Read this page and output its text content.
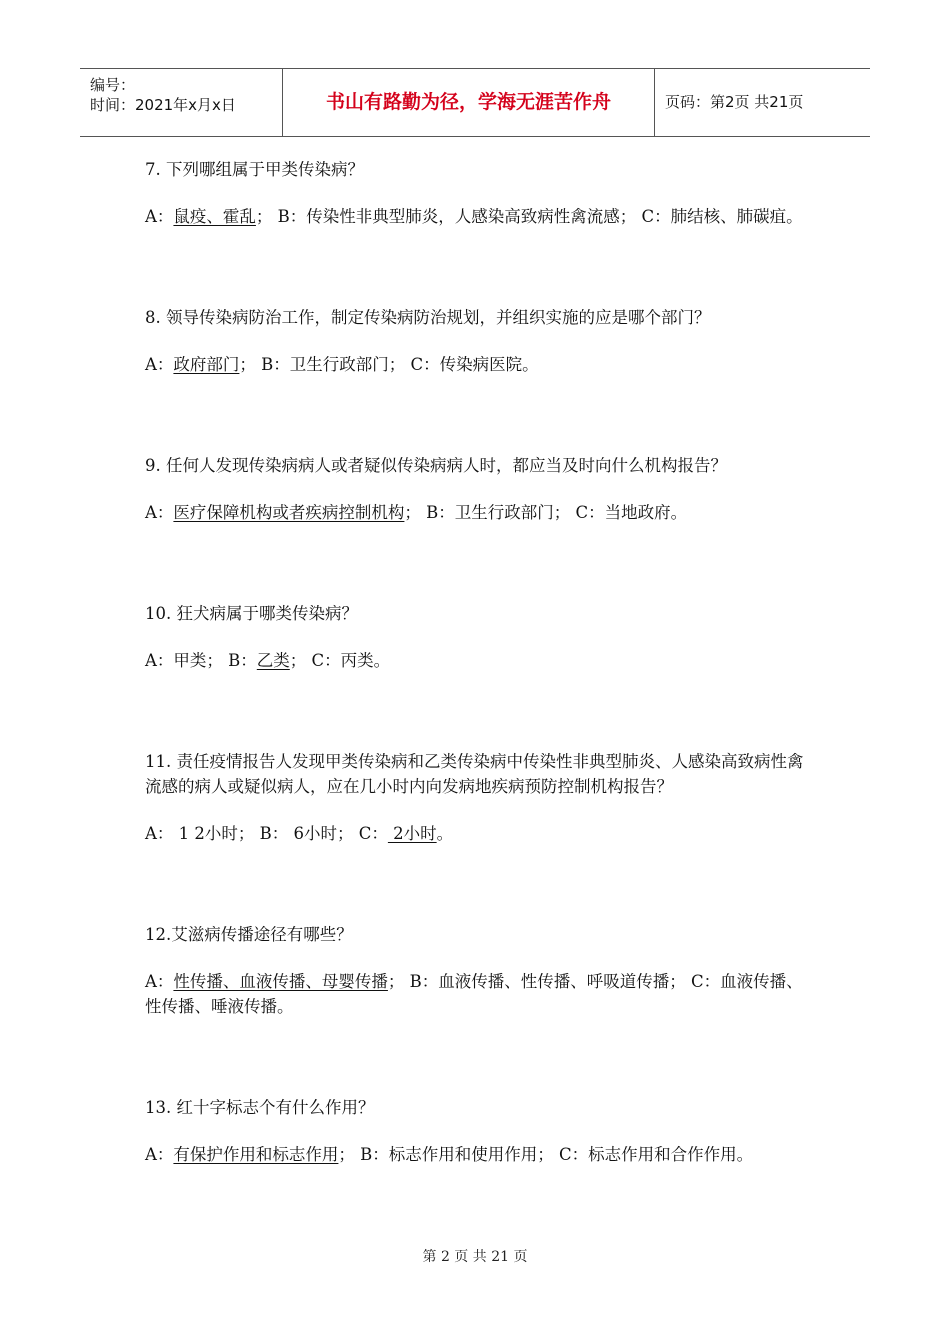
编号：
时间：2021年x月x日	书山有路勤为径，学海无涯苦作舟	页码：第2页 共21页

7. 下列哪组属于甲类传染病？

A：鼠疫、霍乱； B：传染性非典型肺炎，人感染高致病性禽流感； C：肺结核、肺碳疽。

8. 领导传染病防治工作，制定传染病防治规划，并组织实施的应是哪个部门？

A：政府部门； B：卫生行政部门； C：传染病医院。

9. 任何人发现传染病病人或者疑似传染病病人时，都应当及时向什么机构报告？

A：医疗保障机构或者疾病控制机构； B：卫生行政部门； C：当地政府。

10. 狂犬病属于哪类传染病？

A：甲类； B：乙类； C：丙类。

11. 责任疫情报告人发现甲类传染病和乙类传染病中传染性非典型肺炎、人感染高致病性禽流感的病人或疑似病人，应在几小时内向发病地疾病预防控制机构报告？

A： 1 2小时； B： 6小时； C： 2小时。

12.艾滋病传播途径有哪些？

A：性传播、血液传播、母婴传播； B：血液传播、性传播、呼吸道传播； C：血液传播、性传播、唾液传播。

13. 红十字标志个有什么作用？

A：有保护作用和标志作用； B：标志作用和使用作用； C：标志作用和合作作用。

第 2 页 共 21 页
